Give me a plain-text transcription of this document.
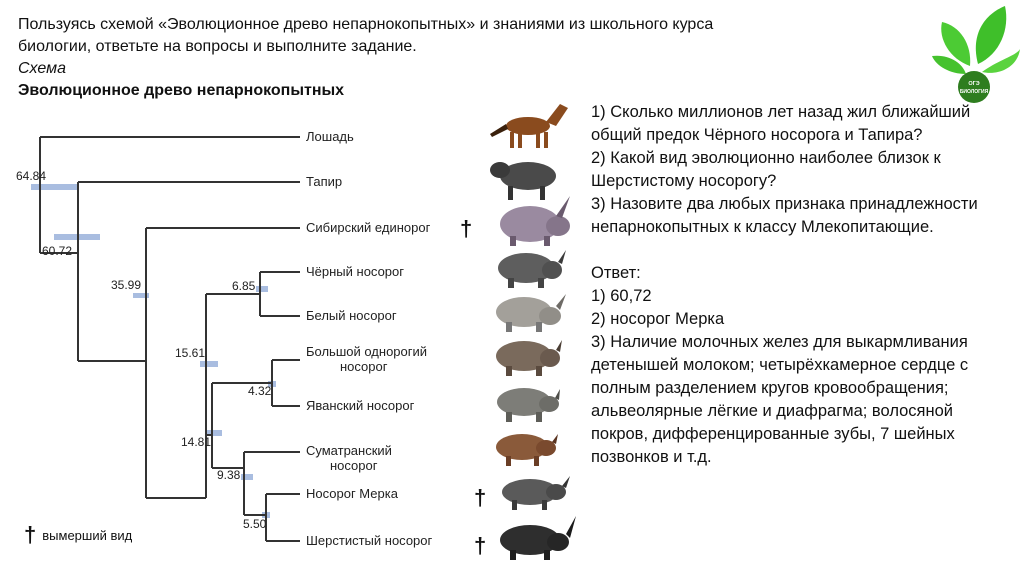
Пользуясь схемой «Эволюционное древо непарнокопытных» и знаниями из школьного курса
биологии, ответьте на вопросы и выполните задание.
Схема
Эволюционное древо непарнокопытных	ОГЭ
БИОЛОГИЯ
64.84
60.72
35.99	6.85
15.61
4.32
14.81
9.38
5.50
Лошадь
Тапир
Сибирский единорог
Чёрный носорог
Белый носорог
Большой однорогий
носорог
Яванский носорог
Суматранский
носорог
Носорог Мерка
Шерстистый носорог
†
†
†
† вымерший вид
1) Сколько миллионов лет назад жил ближайший общий предок Чёрного носорога и Тапира?
2) Какой вид эволюционно наиболее близок к Шерстистому носорогу?
3) Назовите два любых признака принадлежности непарнокопытных к классу Млекопитающие.
Ответ:
1) 60,72
2) носорог Мерка
3) Наличие молочных желез для выкармливания детенышей молоком; четырёхкамерное сердце с полным разделением кругов кровообращения; альвеолярные лёгкие и диафрагма; волосяной покров, дифференцированные зубы, 7 шейных позвонков и т.д.
